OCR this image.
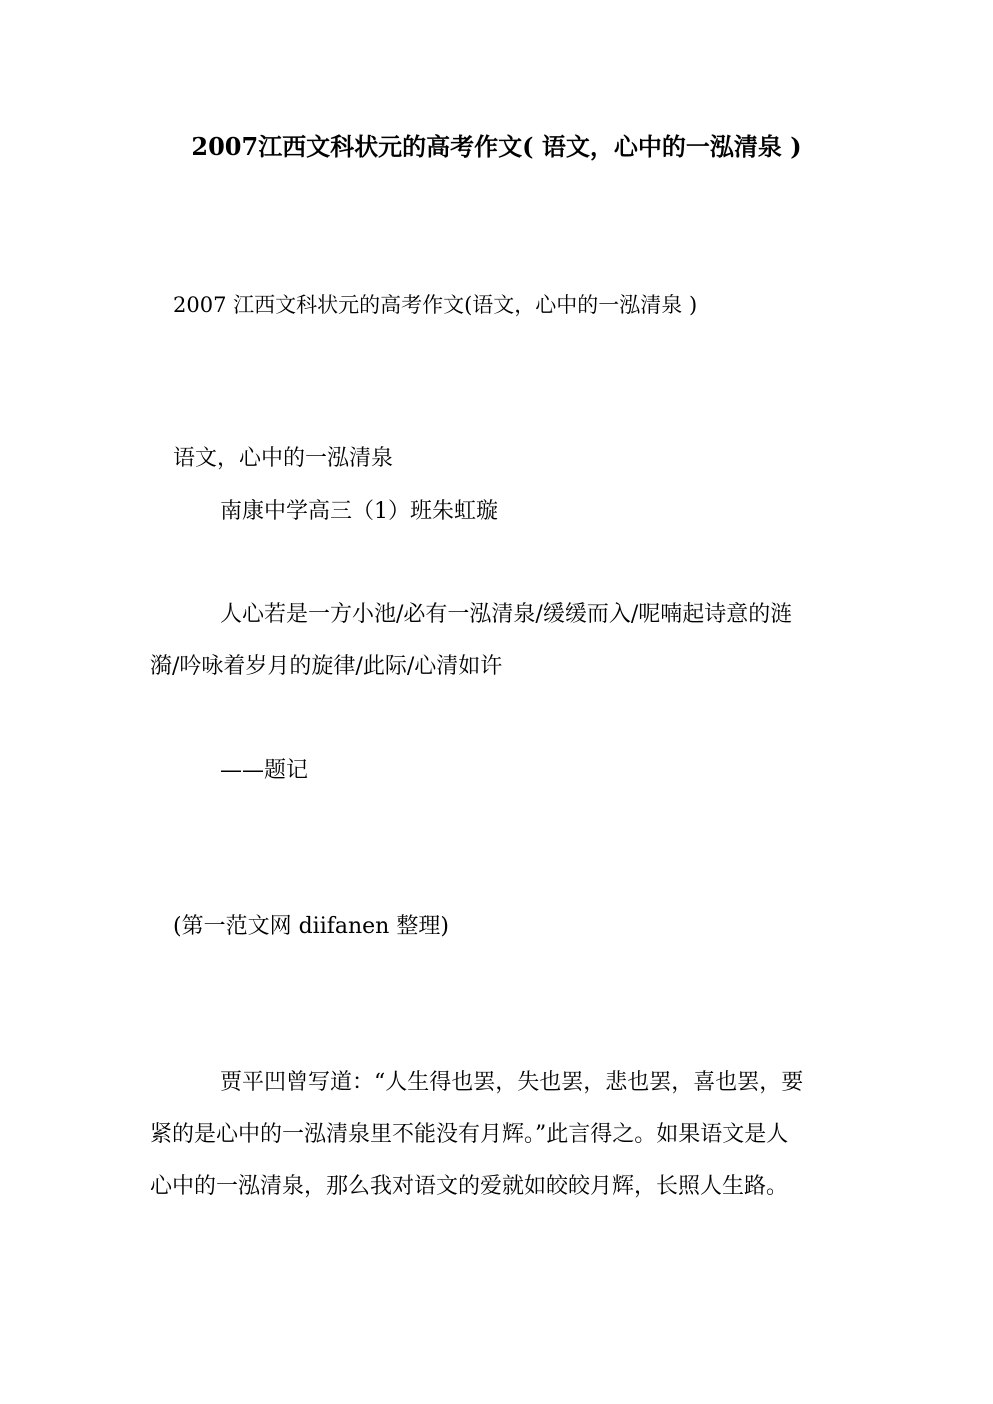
2007江西文科状元的高考作文( 语文，心中的一泓清泉 )

2007 江西文科状元的高考作文(语文，心中的一泓清泉 )

语文，心中的一泓清泉

南康中学高三（1）班朱虹璇

人心若是一方小池/必有一泓清泉/缓缓而入/呢喃起诗意的涟

漪/吟咏着岁月的旋律/此际/心清如许

——题记

(第一范文网 diifanen 整理)

贾平凹曾写道：“人生得也罢，失也罢，悲也罢，喜也罢，要

紧的是心中的一泓清泉里不能没有月辉。”此言得之。如果语文是人

心中的一泓清泉，那么我对语文的爱就如皎皎月辉，长照人生路。
